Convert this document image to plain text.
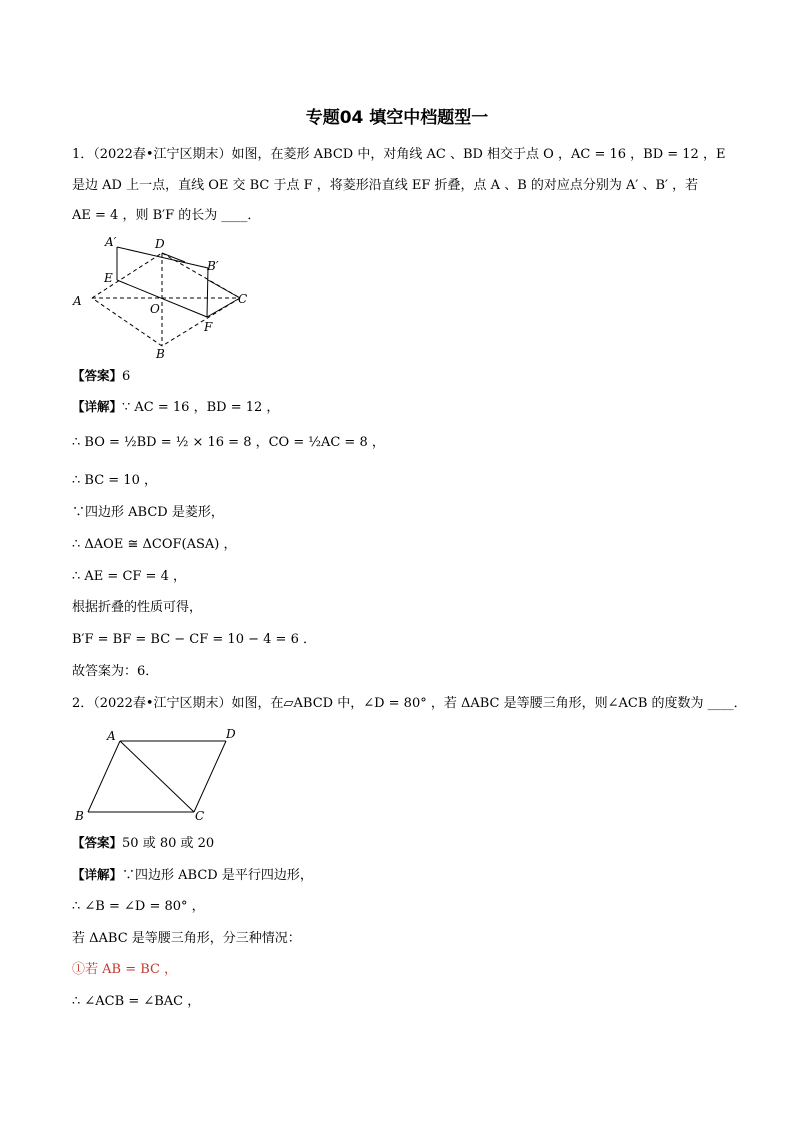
专题04 填空中档题型一
1．（2022春•江宁区期末）如图，在菱形 ABCD 中，对角线 AC 、BD 相交于点 O ，AC = 16 ，BD = 12 ，E
是边 AD 上一点，直线 OE 交 BC 于点 F ，将菱形沿直线 EF 折叠，点 A 、B 的对应点分别为 A′ 、B′ ，若
AE = 4 ，则 B′F 的长为 ____．
A′	D
B′
E
A
O
C
F
B
【答案】6
【详解】∵ AC = 16 ，BD = 12 ，
∴ BO = ½BD = ½ × 16 = 8 ，CO = ½AC = 8 ，
∴ BC = 10 ，
∵四边形 ABCD 是菱形，
∴ ΔAOE ≅ ΔCOF(ASA) ，
∴ AE = CF = 4 ，
根据折叠的性质可得，
B′F = BF = BC − CF = 10 − 4 = 6 ．
故答案为：6．
2．（2022春•江宁区期末）如图，在▱ABCD 中，∠D = 80° ，若 ΔABC 是等腰三角形，则∠ACB 的度数为 ____．
A	D
B	C
【答案】50 或 80 或 20
【详解】∵四边形 ABCD 是平行四边形，
∴ ∠B = ∠D = 80° ，
若 ΔABC 是等腰三角形，分三种情况：
①若 AB = BC ，
∴ ∠ACB = ∠BAC ，
